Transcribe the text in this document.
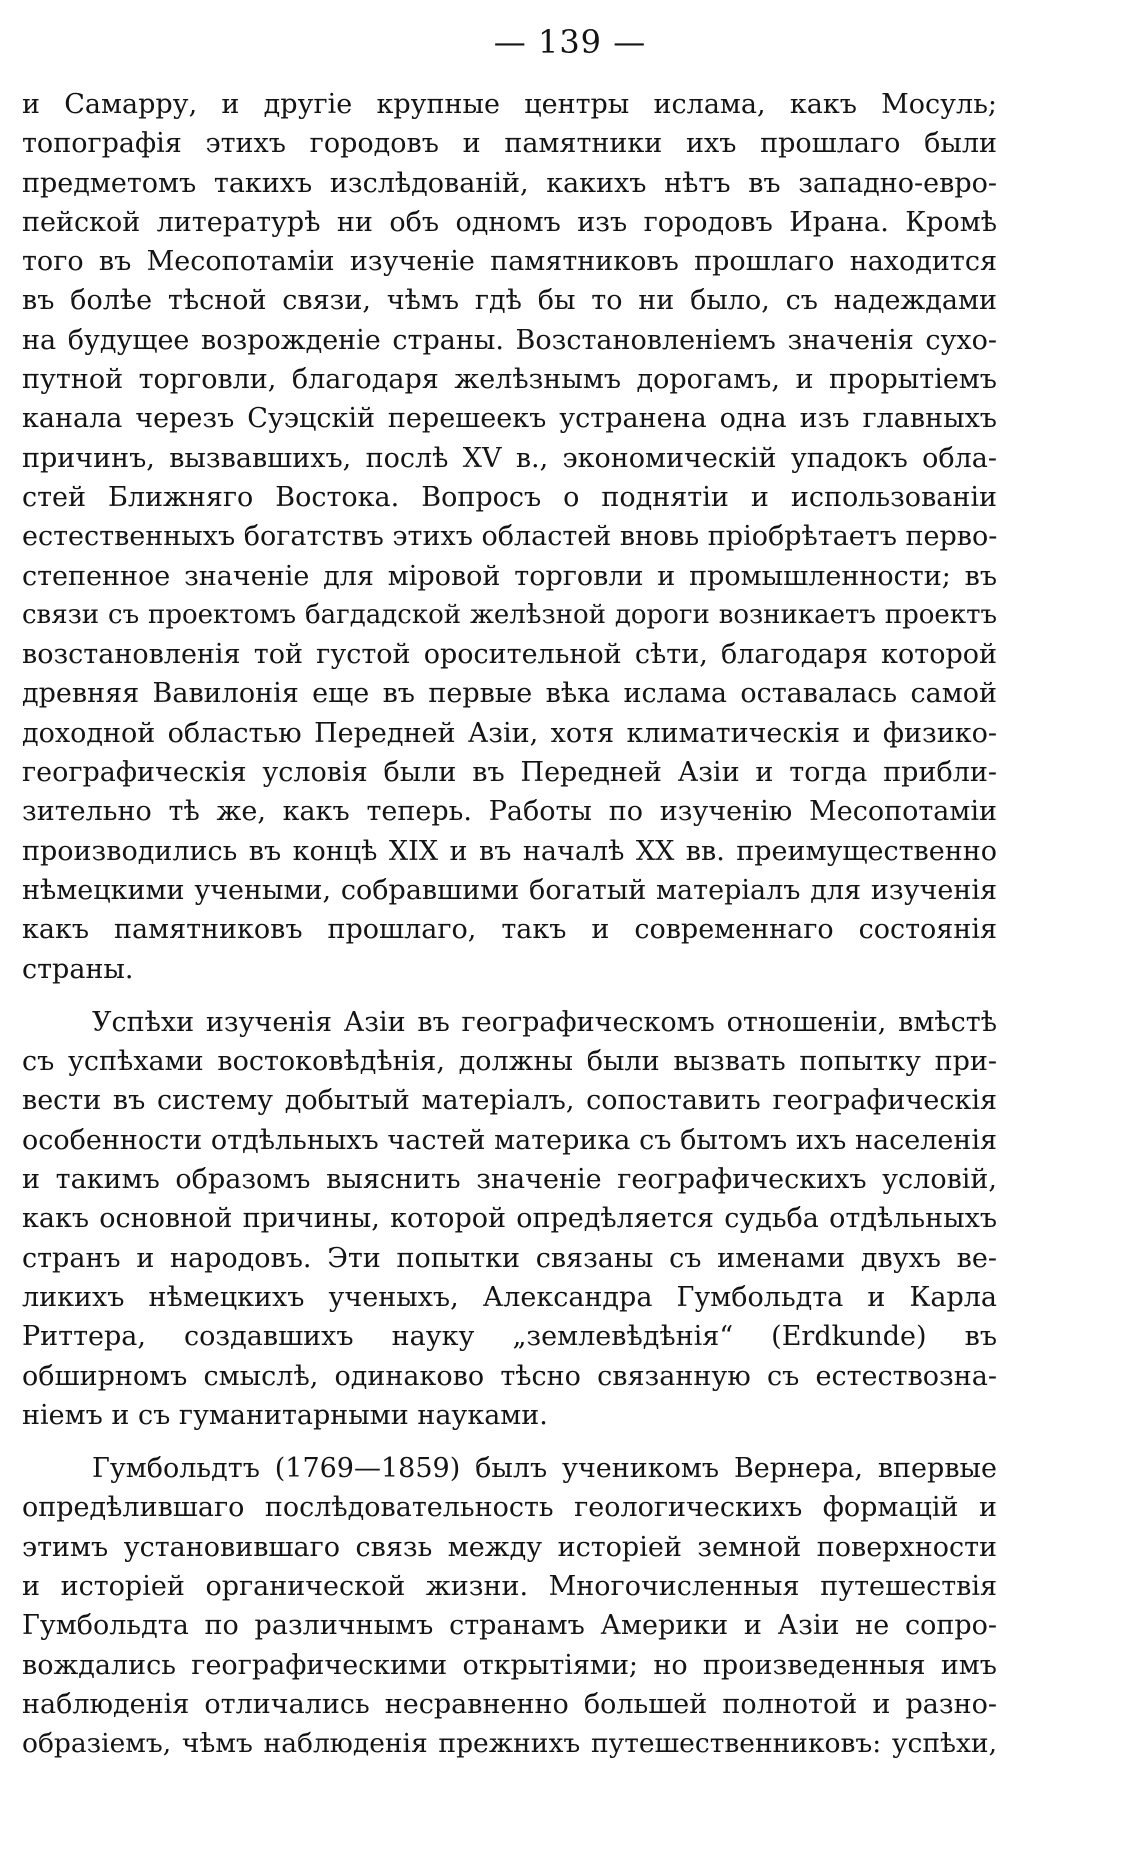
— 139 —
и Самарру, и другіе крупные центры ислама, какъ Мосуль;
топографія этихъ городовъ и памятники ихъ прошлаго были
предметомъ такихъ изслѣдованій, какихъ нѣтъ въ западно-евро-
пейской литературѣ ни объ одномъ изъ городовъ Ирана. Кромѣ
того въ Месопотаміи изученіе памятниковъ прошлаго находится
въ болѣе тѣсной связи, чѣмъ гдѣ бы то ни было, съ надеждами
на будущее возрожденіе страны. Возстановленіемъ значенія сухо-
путной торговли, благодаря желѣзнымъ дорогамъ, и прорытіемъ
канала черезъ Суэцскій перешеекъ устранена одна изъ главныхъ
причинъ, вызвавшихъ, послѣ XV в., экономическій упадокъ обла-
стей Ближняго Востока. Вопросъ о поднятіи и использованіи
естественныхъ богатствъ этихъ областей вновь пріобрѣтаетъ перво-
степенное значеніе для міровой торговли и промышленности; въ
связи съ проектомъ багдадской желѣзной дороги возникаетъ проектъ
возстановленія той густой оросительной сѣти, благодаря которой
древняя Вавилонія еще въ первые вѣка ислама оставалась самой
доходной областью Передней Азіи, хотя климатическія и физико-
географическія условія были въ Передней Азіи и тогда прибли-
зительно тѣ же, какъ теперь. Работы по изученію Месопотаміи
производились въ концѣ XIX и въ началѣ XX вв. преимущественно
нѣмецкими учеными, собравшими богатый матеріалъ для изученія
какъ памятниковъ прошлаго, такъ и современнаго состоянія
страны.
Успѣхи изученія Азіи въ географическомъ отношеніи, вмѣстѣ
съ успѣхами востоковѣдѣнія, должны были вызвать попытку при-
вести въ систему добытый матеріалъ, сопоставить географическія
особенности отдѣльныхъ частей материка съ бытомъ ихъ населенія
и такимъ образомъ выяснить значеніе географическихъ условій,
какъ основной причины, которой опредѣляется судьба отдѣльныхъ
странъ и народовъ. Эти попытки связаны съ именами двухъ ве-
ликихъ нѣмецкихъ ученыхъ, Александра Гумбольдта и Карла
Риттера, создавшихъ науку „землевѣдѣнія“ (Erdkunde) въ
обширномъ смыслѣ, одинаково тѣсно связанную съ естествозна-
ніемъ и съ гуманитарными науками.
Гумбольдтъ (1769—1859) былъ ученикомъ Вернера, впервые
опредѣлившаго послѣдовательность геологическихъ формацій и
этимъ установившаго связь между исторіей земной поверхности
и исторіей органической жизни. Многочисленныя путешествія
Гумбольдта по различнымъ странамъ Америки и Азіи не сопро-
вождались географическими открытіями; но произведенныя имъ
наблюденія отличались несравненно большей полнотой и разно-
образіемъ, чѣмъ наблюденія прежнихъ путешественниковъ: успѣхи,
